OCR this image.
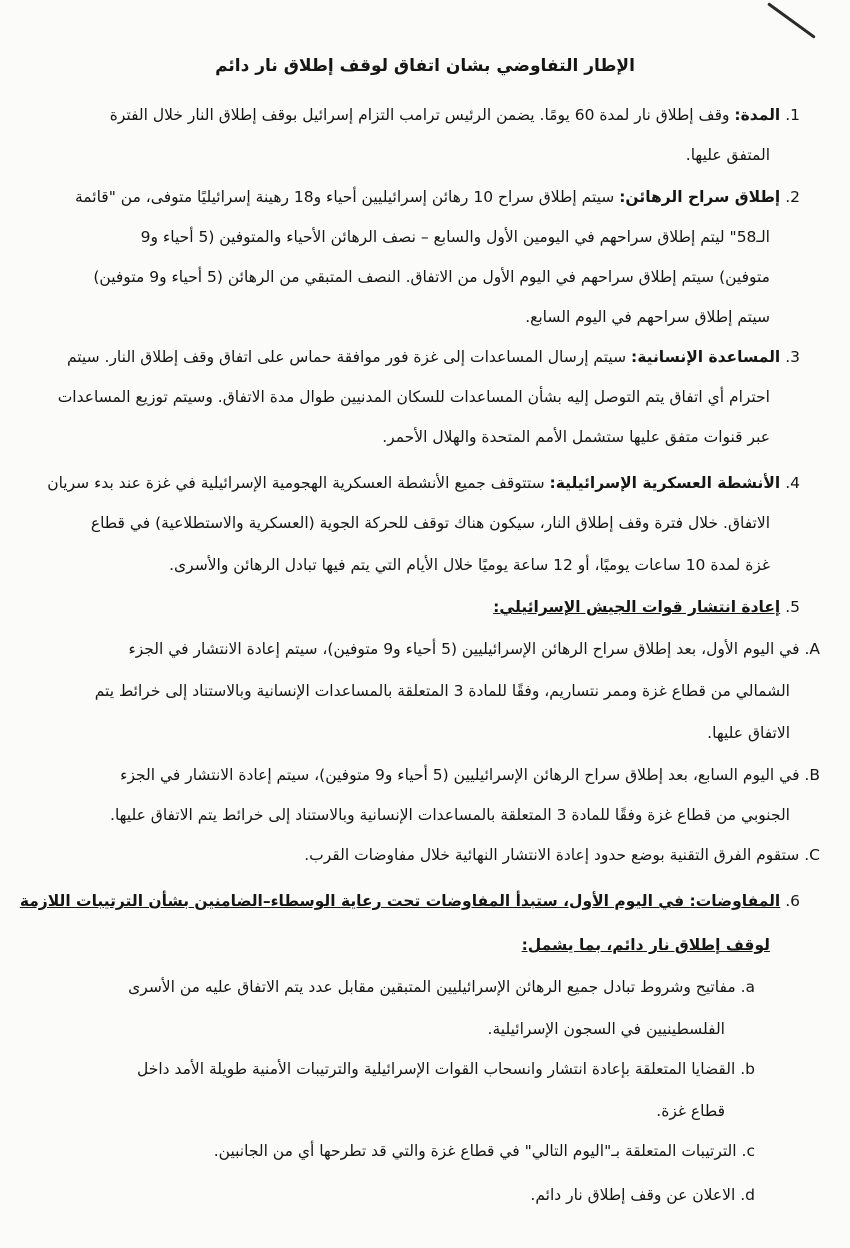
الإطار التفاوضي بشان اتفاق لوقف إطلاق نار دائم
1. المدة: وقف إطلاق نار لمدة 60 يومًا. يضمن الرئيس ترامب التزام إسرائيل بوقف إطلاق النار خلال الفترة
المتفق عليها.
2. إطلاق سراح الرهائن: سيتم إطلاق سراح 10 رهائن إسرائيليين أحياء و18 رهينة إسرائيليًا متوفى، من "قائمة
الـ58" ليتم إطلاق سراحهم في اليومين الأول والسابع – نصف الرهائن الأحياء والمتوفين (5 أحياء و9
متوفين) سيتم إطلاق سراحهم في اليوم الأول من الاتفاق. النصف المتبقي من الرهائن (5 أحياء و9 متوفين)
سيتم إطلاق سراحهم في اليوم السابع.
3. المساعدة الإنسانية: سيتم إرسال المساعدات إلى غزة فور موافقة حماس على اتفاق وقف إطلاق النار. سيتم
احترام أي اتفاق يتم التوصل إليه بشأن المساعدات للسكان المدنيين طوال مدة الاتفاق. وسيتم توزيع المساعدات
عبر قنوات متفق عليها ستشمل الأمم المتحدة والهلال الأحمر.
4. الأنشطة العسكرية الإسرائيلية: ستتوقف جميع الأنشطة العسكرية الهجومية الإسرائيلية في غزة عند بدء سريان
الاتفاق. خلال فترة وقف إطلاق النار، سيكون هناك توقف للحركة الجوية (العسكرية والاستطلاعية) في قطاع
غزة لمدة 10 ساعات يوميًا، أو 12 ساعة يوميًا خلال الأيام التي يتم فيها تبادل الرهائن والأسرى.
5. إعادة انتشار قوات الجيش الإسرائيلي:
A. في اليوم الأول، بعد إطلاق سراح الرهائن الإسرائيليين (5 أحياء و9 متوفين)، سيتم إعادة الانتشار في الجزء
الشمالي من قطاع غزة وممر نتساريم، وفقًا للمادة 3 المتعلقة بالمساعدات الإنسانية وبالاستناد إلى خرائط يتم
الاتفاق عليها.
B. في اليوم السابع، بعد إطلاق سراح الرهائن الإسرائيليين (5 أحياء و9 متوفين)، سيتم إعادة الانتشار في الجزء
الجنوبي من قطاع غزة وفقًا للمادة 3 المتعلقة بالمساعدات الإنسانية وبالاستناد إلى خرائط يتم الاتفاق عليها.
C. ستقوم الفرق التقنية بوضع حدود إعادة الانتشار النهائية خلال مفاوضات القرب.
6. المفاوضات: في اليوم الأول، ستبدأ المفاوضات تحت رعاية الوسطاء–الضامنين بشأن الترتيبات اللازمة
لوقف إطلاق نار دائم، بما يشمل:
a. مفاتيح وشروط تبادل جميع الرهائن الإسرائيليين المتبقين مقابل عدد يتم الاتفاق عليه من الأسرى
الفلسطينيين في السجون الإسرائيلية.
b. القضايا المتعلقة بإعادة انتشار وانسحاب القوات الإسرائيلية والترتيبات الأمنية طويلة الأمد داخل
قطاع غزة.
c. الترتيبات المتعلقة بـ"اليوم التالي" في قطاع غزة والتي قد تطرحها أي من الجانبين.
d. الاعلان عن وقف إطلاق نار دائم.
